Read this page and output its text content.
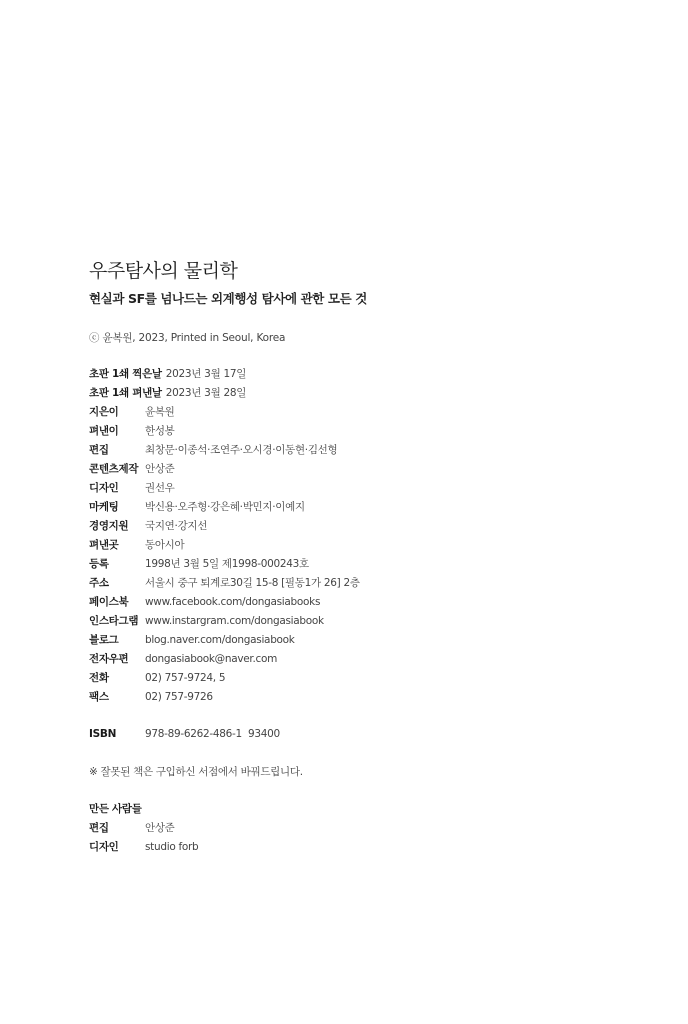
우주탐사의 물리학
현실과 SF를 넘나드는 외계행성 탐사에 관한 모든 것
ⓒ 윤복원, 2023, Printed in Seoul, Korea
초판 1쇄 찍은날 2023년 3월 17일
초판 1쇄 펴낸날 2023년 3월 28일
지은이	윤복원
펴낸이	한성봉
편집	최창문·이종석·조연주·오시경·이동현·김선형
콘텐츠제작 안상준
디자인	권선우
마케팅	박신용·오주형·강은혜·박민지·이예지
경영지원	국지연·강지선
펴낸곳	동아시아
등록	1998년 3월 5일 제1998-000243호
주소	서울시 중구 퇴계로30길 15-8 [필동1가 26] 2층
페이스북	www.facebook.com/dongasiabooks
인스타그램 www.instargram.com/dongasiabook
블로그	blog.naver.com/dongasiabook
전자우편	dongasiabook@naver.com
전화	02) 757-9724, 5
팩스	02) 757-9726
ISBN	978-89-6262-486-1  93400
※ 잘못된 책은 구입하신 서점에서 바꿔드립니다.
만든 사람들
편집	안상준
디자인	studio forb
